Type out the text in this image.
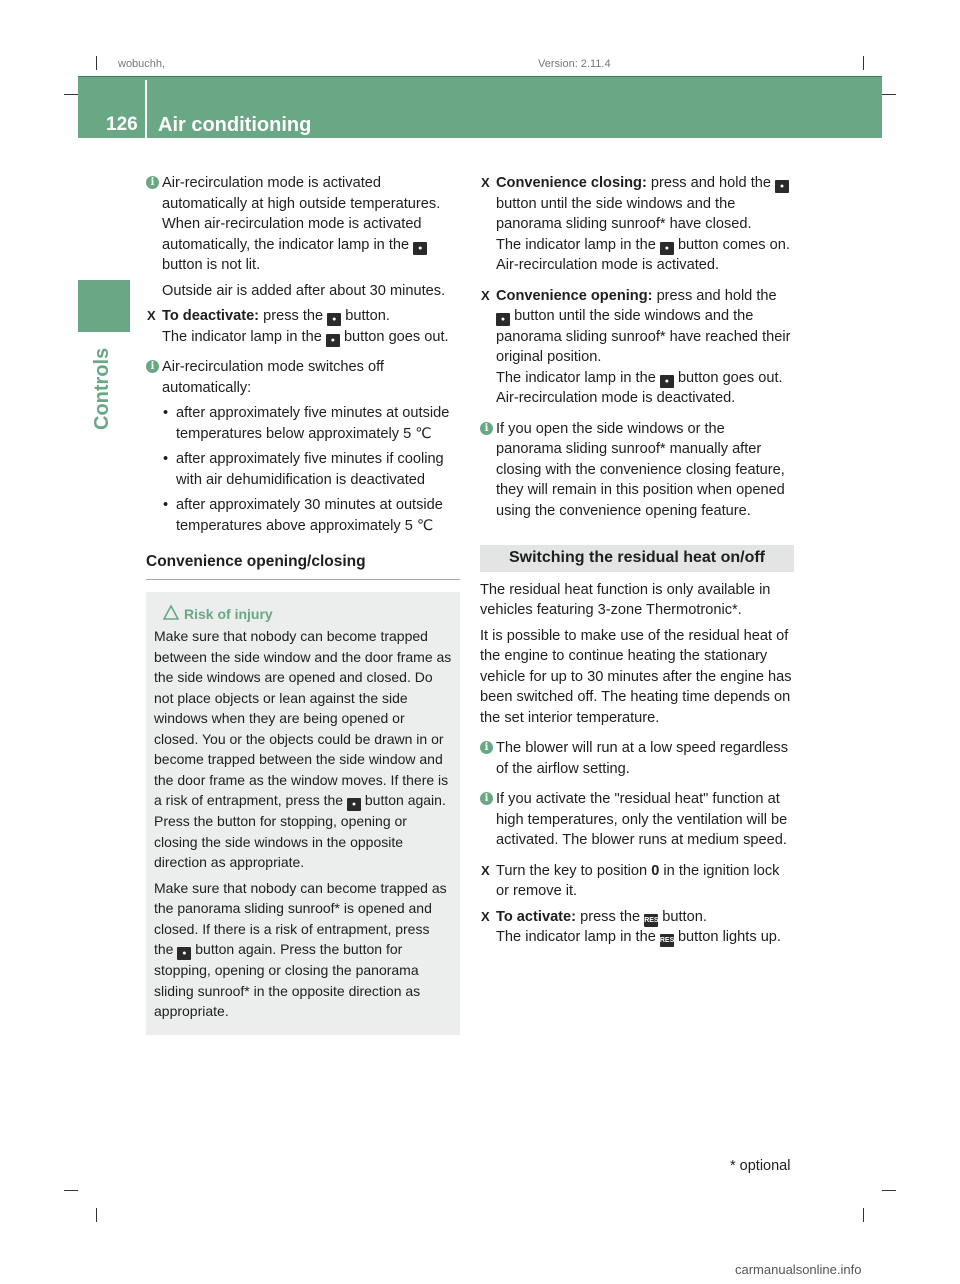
wobuchh,	Version: 2.11.4
126 Air conditioning
Controls

i Air-recirculation mode is activated automatically at high outside temperatures. When air-recirculation mode is activated automatically, the indicator lamp in the ● button is not lit.

Outside air is added after about 30 minutes.

X To deactivate: press the ● button.
The indicator lamp in the ● button goes out.

i Air-recirculation mode switches off automatically:

• after approximately five minutes at outside temperatures below approximately 5 ℃

• after approximately five minutes if cooling with air dehumidification is deactivated

• after approximately 30 minutes at outside temperatures above approximately 5 ℃

Convenience opening/closing
Risk of injury

Make sure that nobody can become trapped between the side window and the door frame as the side windows are opened and closed. Do not place objects or lean against the side windows when they are being opened or closed. You or the objects could be drawn in or become trapped between the side window and the door frame as the window moves. If there is a risk of entrapment, press the ● button again. Press the button for stopping, opening or closing the side windows in the opposite direction as appropriate.

Make sure that nobody can become trapped as the panorama sliding sunroof* is opened and closed. If there is a risk of entrapment, press the ● button again. Press the button for stopping, opening or closing the panorama sliding sunroof* in the opposite direction as appropriate.

X Convenience closing: press and hold the ● button until the side windows and the panorama sliding sunroof* have closed.
The indicator lamp in the ● button comes on. Air-recirculation mode is activated.

X Convenience opening: press and hold the ● button until the side windows and the panorama sliding sunroof* have reached their original position.
The indicator lamp in the ● button goes out. Air-recirculation mode is deactivated.

i If you open the side windows or the panorama sliding sunroof* manually after closing with the convenience closing feature, they will remain in this position when opened using the convenience opening feature.

Switching the residual heat on/off

The residual heat function is only available in vehicles featuring 3-zone Thermotronic*.

It is possible to make use of the residual heat of the engine to continue heating the stationary vehicle for up to 30 minutes after the engine has been switched off. The heating time depends on the set interior temperature.

i The blower will run at a low speed regardless of the airflow setting.

i If you activate the "residual heat" function at high temperatures, only the ventilation will be activated. The blower runs at medium speed.

X Turn the key to position 0 in the ignition lock or remove it.

X To activate: press the REST button.
The indicator lamp in the REST button lights up.

* optional
carmanualsonline.info
